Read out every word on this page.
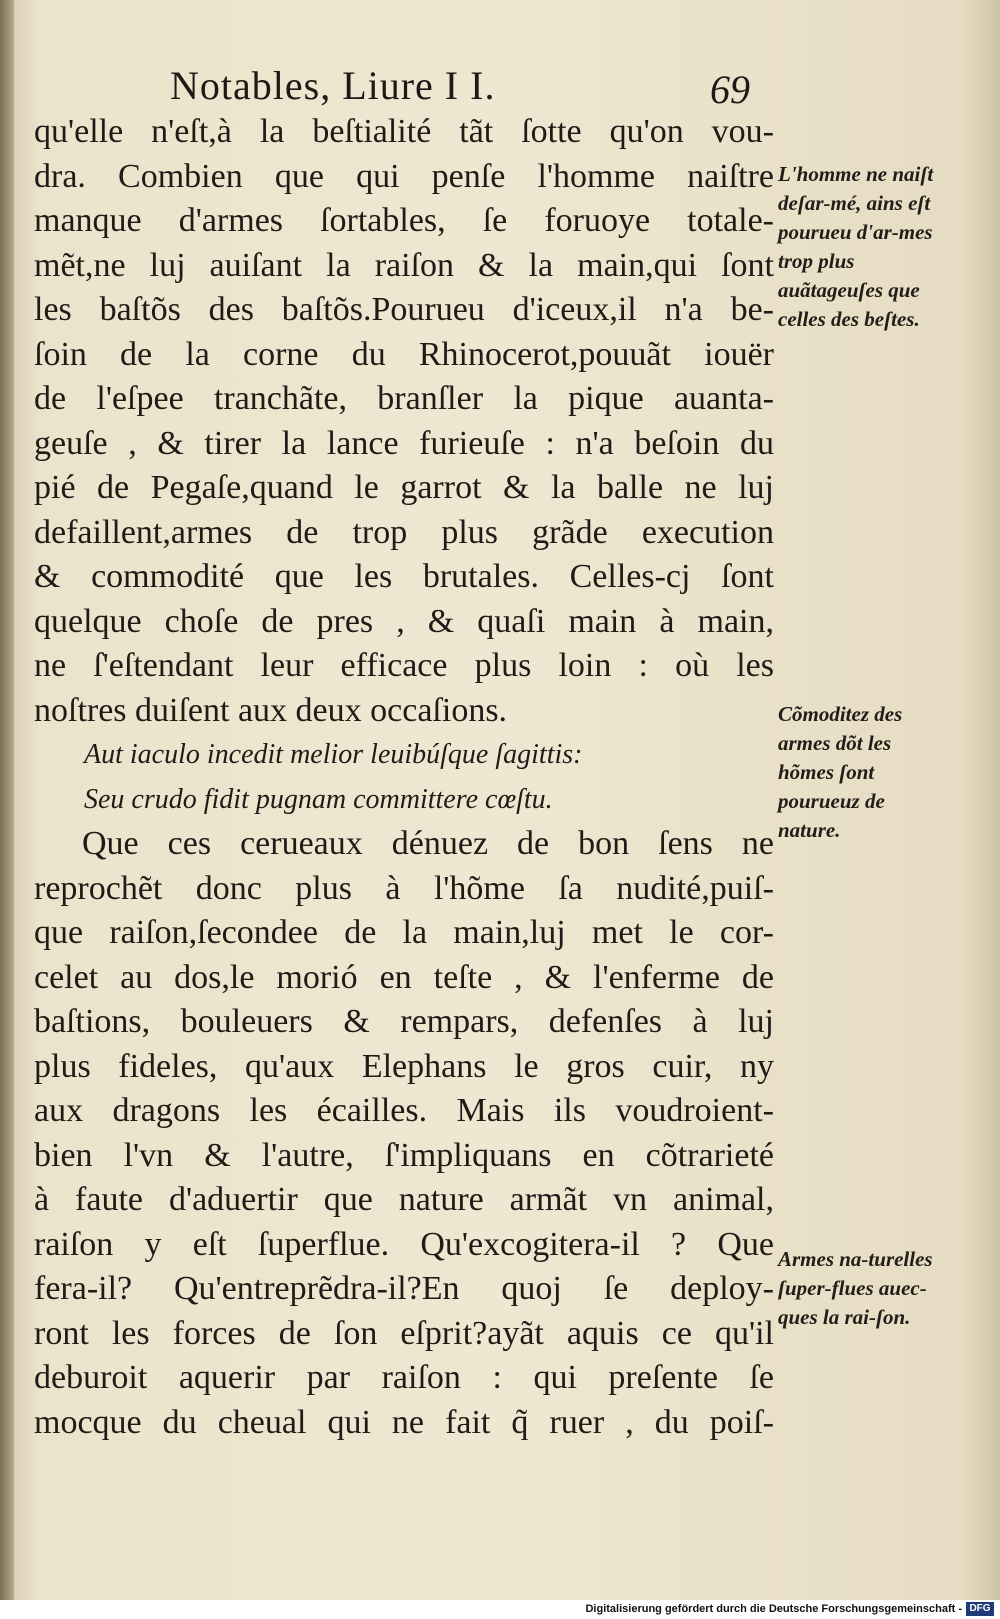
Notables, Liure I I.	69
qu'elle n'eſt,à la beſtialité tãt ſotte qu'on vou-
dra. Combien que qui penſe l'homme naiſtre
manque d'armes ſortables, ſe foruoye totale-
mẽt,ne luj auiſant la raiſon & la main,qui ſont
les baſtõs des baſtõs.Pourueu d'iceux,il n'a be-
ſoin de la corne du Rhinocerot,pouuãt iouër
de l'eſpee tranchãte, branſler la pique auanta-
geuſe , & tirer la lance furieuſe : n'a beſoin du
pié de Pegaſe,quand le garrot & la balle ne luj
defaillent,armes de trop plus grãde execution
& commodité que les brutales. Celles-cj ſont
quelque choſe de pres , & quaſi main à main,
ne ſ'eſtendant leur efficace plus loin : où les
noſtres duiſent aux deux occaſions.
Aut iaculo incedit melior leuibúſque ſagittis:
Seu crudo fidit pugnam committere cœſtu.
Que ces cerueaux dénuez de bon ſens ne
reprochẽt donc plus à l'hõme ſa nudité,puiſ-
que raiſon,ſecondee de la main,luj met le cor-
celet au dos,le morió en teſte , & l'enferme de
baſtions, bouleuers & rempars, defenſes à luj
plus fideles, qu'aux Elephans le gros cuir, ny
aux dragons les écailles. Mais ils voudroient-
bien l'vn & l'autre, ſ'impliquans en cõtrarieté
à faute d'aduertir que nature armãt vn animal,
raiſon y eſt ſuperflue. Qu'excogitera-il ? Que
fera-il? Qu'entreprẽdra-il?En quoj ſe deploy-
ront les forces de ſon eſprit?ayãt aquis ce qu'il
deburoit aquerir par raiſon : qui preſente ſe
mocque du cheual qui ne fait q̃ ruer , du poiſ-
L'homme ne naiſt deſar-mé, ains eſt pourueu d'ar-mes trop plus auãtageuſes que celles des beſtes.
Cõmoditez des armes dõt les hõmes ſont pourueuz de nature.
Armes na-turelles ſuper-flues auec-ques la rai-ſon.
Digitalisierung gefördert durch die Deutsche Forschungsgemeinschaft - DFG
